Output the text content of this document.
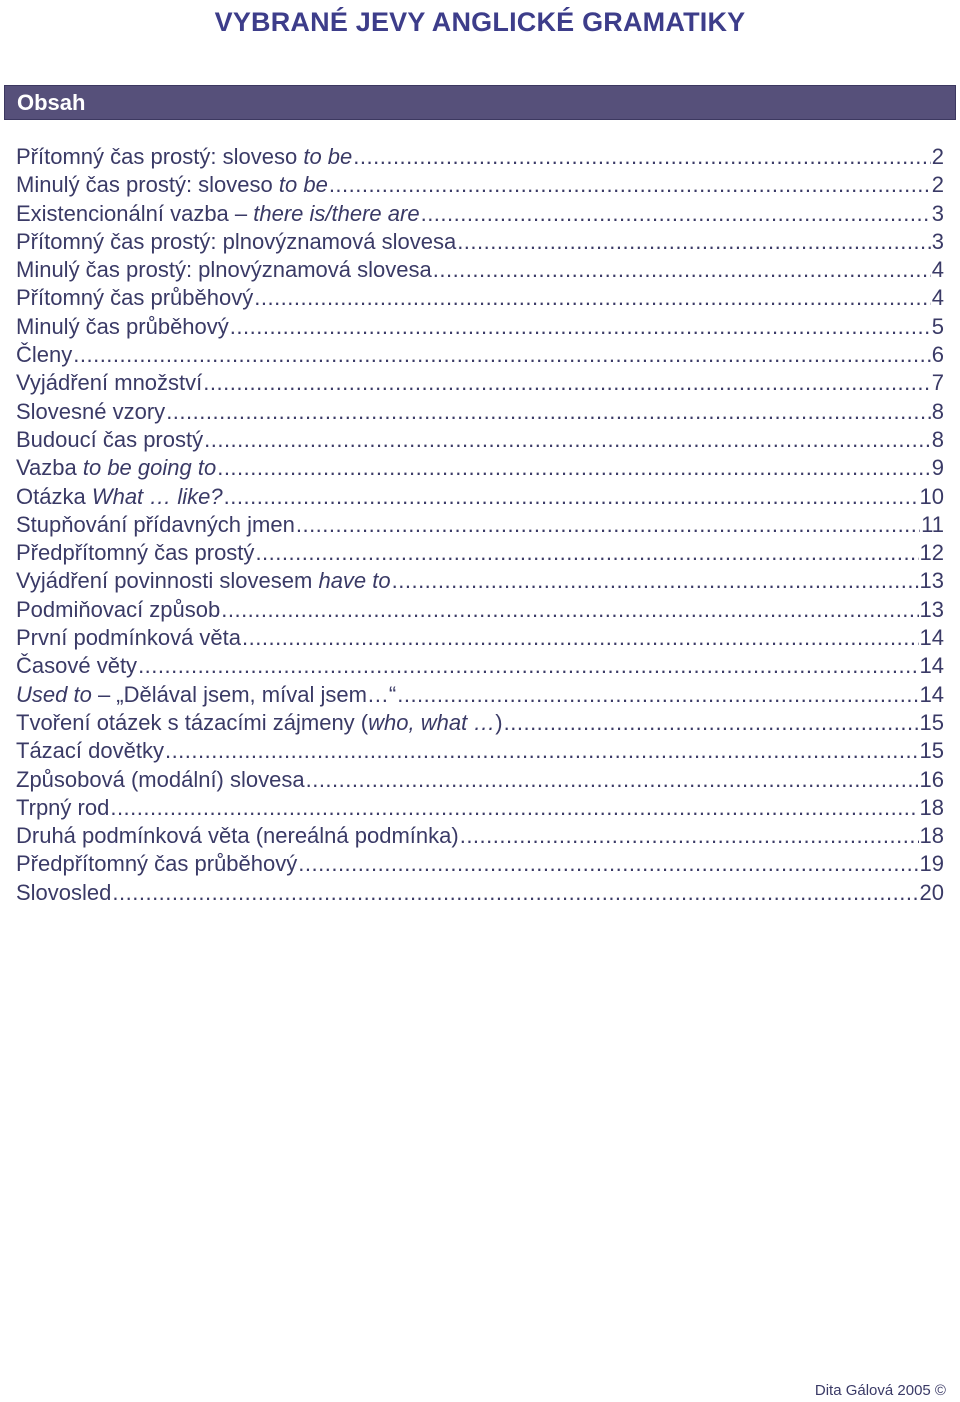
VYBRANÉ JEVY ANGLICKÉ GRAMATIKY
Obsah
Přítomný čas prostý: sloveso to be .....	2
Minulý čas prostý: sloveso to be .....	2
Existencionální vazba – there is/there are .....	3
Přítomný čas prostý: plnovýznamová slovesa .....	3
Minulý čas prostý: plnovýznamová slovesa .....	4
Přítomný čas průběhový .....	4
Minulý čas průběhový .....	5
Členy .....	6
Vyjádření množství .....	7
Slovesné vzory .....	8
Budoucí čas prostý .....	8
Vazba to be going to .....	9
Otázka What … like? .....	10
Stupňování přídavných jmen .....	11
Předpřítomný čas prostý .....	12
Vyjádření povinnosti slovesem have to .....	13
Podmiňovací způsob .....	13
První podmínková věta .....	14
Časové věty .....	14
Used to – „Dělával jsem, míval jsem…“ .....	14
Tvoření otázek s tázacími zájmeny (who, what …) .....	15
Tázací dovětky .....	15
Způsobová (modální) slovesa .....	16
Trpný rod .....	18
Druhá podmínková věta (nereálná podmínka) .....	18
Předpřítomný čas průběhový .....	19
Slovosled .....	20
Dita Gálová 2005 ©
